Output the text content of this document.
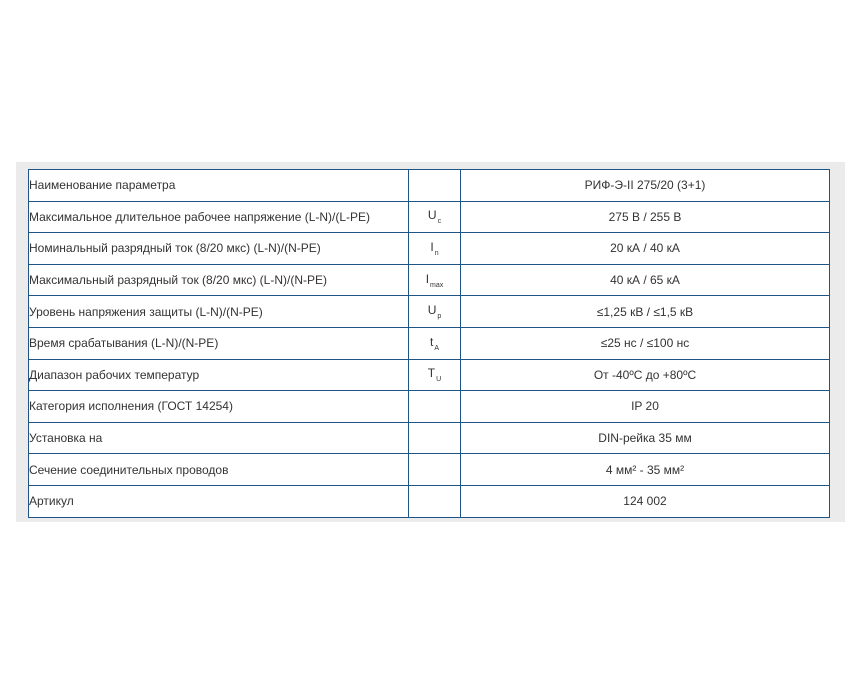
Наименование параметра		РИФ-Э-II 275/20 (3+1)
Максимальное длительное рабочее напряжение (L-N)/(L-PE)	$U_c$	275 В / 255 В
Номинальный разрядный ток (8/20 мкс) (L-N)/(N-PE)	$I_n$	20 кА / 40 кА
Максимальный разрядный ток (8/20 мкс) (L-N)/(N-PE)	$I_{max}$	40 кА / 65 кА
Уровень напряжения защиты (L-N)/(N-PE)	$U_p$	≤1,25 кВ / ≤1,5 кВ
Время срабатывания (L-N)/(N-PE)	$t_A$	≤25 нс / ≤100 нс
Диапазон рабочих температур	$T_U$	От -40ºC до +80ºC
Категория исполнения (ГОСТ 14254)		IP 20
Установка на		DIN-рейка 35 мм
Сечение соединительных проводов		4 мм² - 35 мм²
Артикул		124 002
